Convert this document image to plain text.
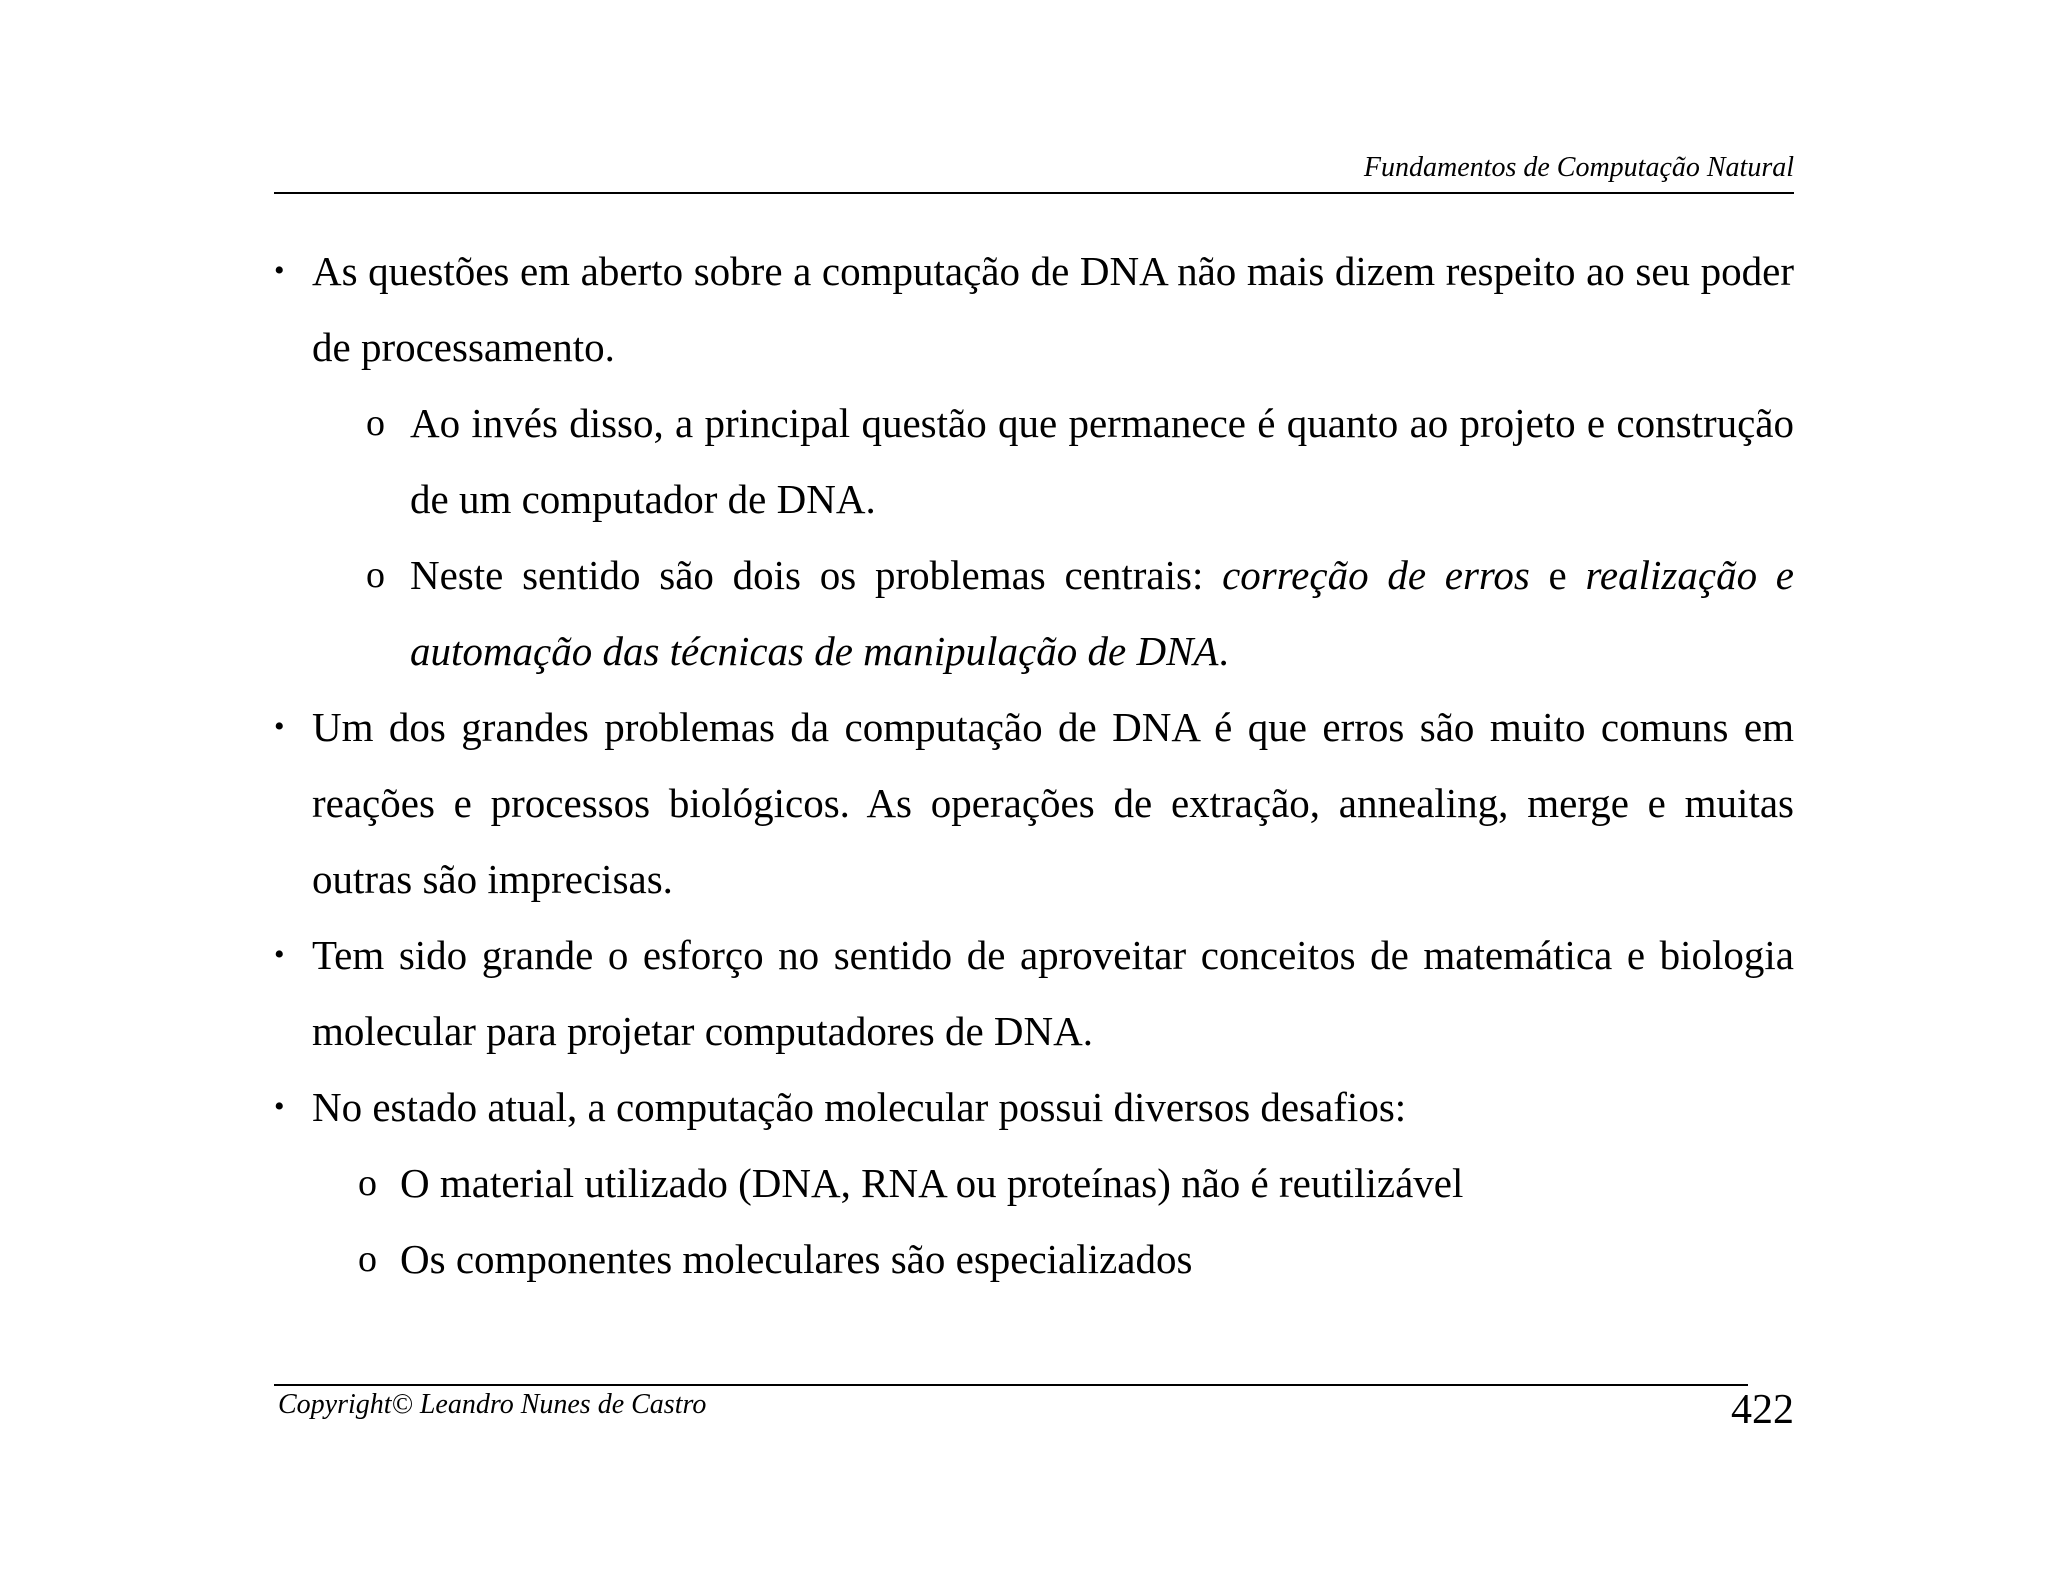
Fundamentos de Computação Natural
• As questões em aberto sobre a computação de DNA não mais dizem respeito ao seu poder de processamento.
o Ao invés disso, a principal questão que permanece é quanto ao projeto e construção de um computador de DNA.
o Neste sentido são dois os problemas centrais: correção de erros e realização e automação das técnicas de manipulação de DNA.
• Um dos grandes problemas da computação de DNA é que erros são muito comuns em reações e processos biológicos. As operações de extração, annealing, merge e muitas outras são imprecisas.
• Tem sido grande o esforço no sentido de aproveitar conceitos de matemática e biologia molecular para projetar computadores de DNA.
• No estado atual, a computação molecular possui diversos desafios:
o O material utilizado (DNA, RNA ou proteínas) não é reutilizável
o Os componentes moleculares são especializados
Copyright© Leandro Nunes de Castro	422
